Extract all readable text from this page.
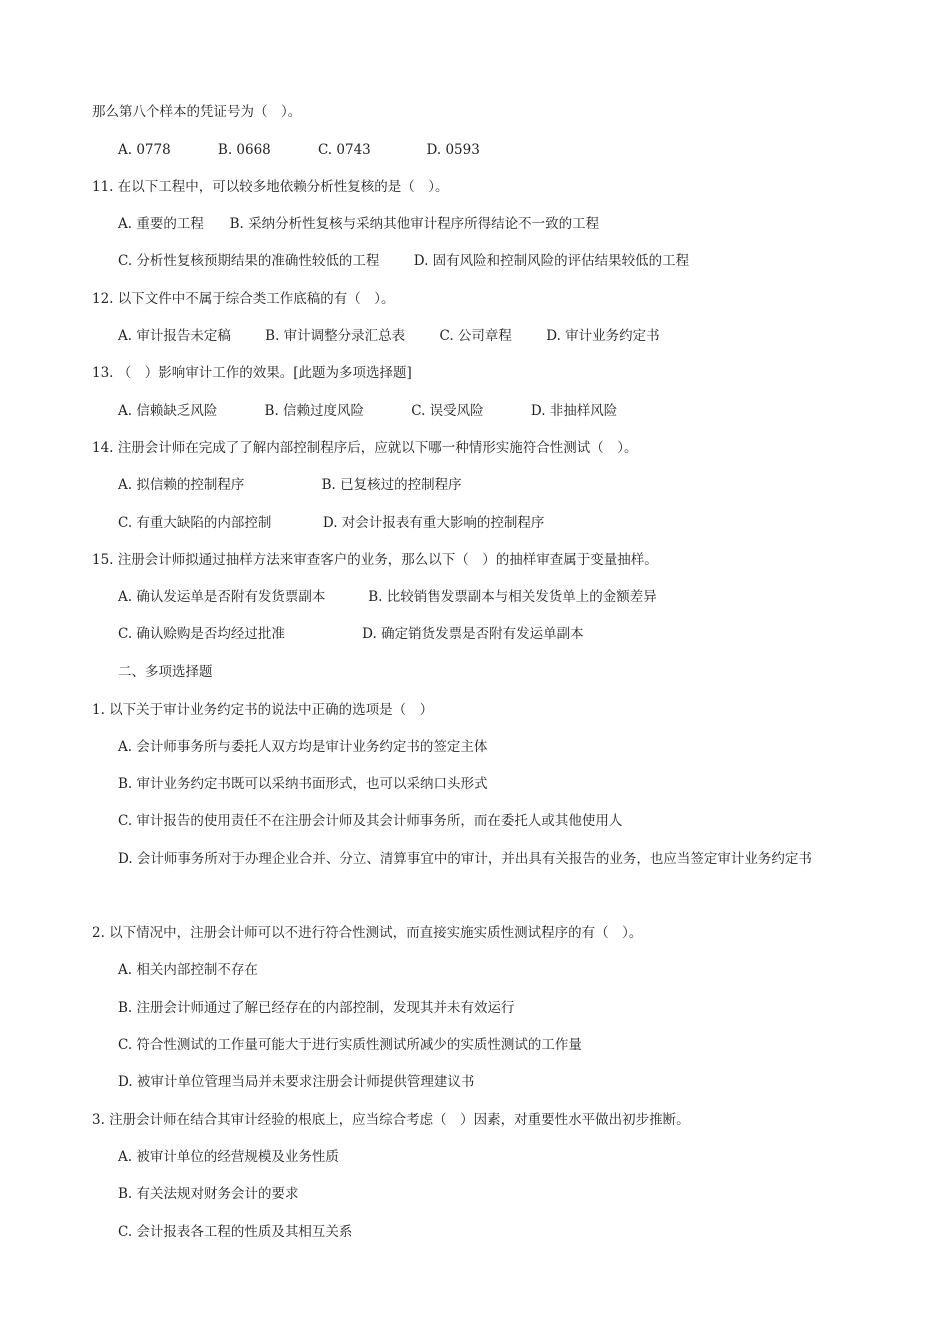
那么第八个样本的凭证号为（　）。
A. 0778           B. 0668           C. 0743             D. 0593
11. 在以下工程中，可以较多地依赖分析性复核的是（　）。
A. 重要的工程      B. 采纳分析性复核与采纳其他审计程序所得结论不一致的工程
C. 分析性复核预期结果的准确性较低的工程        D. 固有风险和控制风险的评估结果较低的工程
12. 以下文件中不属于综合类工作底稿的有（　）。
A. 审计报告未定稿        B. 审计调整分录汇总表        C. 公司章程        D. 审计业务约定书
13. （　）影响审计工作的效果。[此题为多项选择题]
A. 信赖缺乏风险           B. 信赖过度风险           C. 误受风险           D. 非抽样风险
14. 注册会计师在完成了了解内部控制程序后，应就以下哪一种情形实施符合性测试（　）。
A. 拟信赖的控制程序                  B. 已复核过的控制程序
C. 有重大缺陷的内部控制            D. 对会计报表有重大影响的控制程序
15. 注册会计师拟通过抽样方法来审查客户的业务，那么以下（　）的抽样审查属于变量抽样。
A. 确认发运单是否附有发货票副本          B. 比较销售发票副本与相关发货单上的金额差异
C. 确认赊购是否均经过批准                  D. 确定销货发票是否附有发运单副本
二、多项选择题
1. 以下关于审计业务约定书的说法中正确的选项是（　）
A. 会计师事务所与委托人双方均是审计业务约定书的签定主体
B. 审计业务约定书既可以采纳书面形式，也可以采纳口头形式
C. 审计报告的使用责任不在注册会计师及其会计师事务所，而在委托人或其他使用人
D. 会计师事务所对于办理企业合并、分立、清算事宜中的审计，并出具有关报告的业务，也应当签定审计业务约定书
2. 以下情况中，注册会计师可以不进行符合性测试，而直接实施实质性测试程序的有（　）。
A. 相关内部控制不存在
B. 注册会计师通过了解已经存在的内部控制，发现其并未有效运行
C. 符合性测试的工作量可能大于进行实质性测试所减少的实质性测试的工作量
D. 被审计单位管理当局并未要求注册会计师提供管理建议书
3. 注册会计师在结合其审计经验的根底上，应当综合考虑（　）因素，对重要性水平做出初步推断。
A. 被审计单位的经营规模及业务性质
B. 有关法规对财务会计的要求
C. 会计报表各工程的性质及其相互关系
